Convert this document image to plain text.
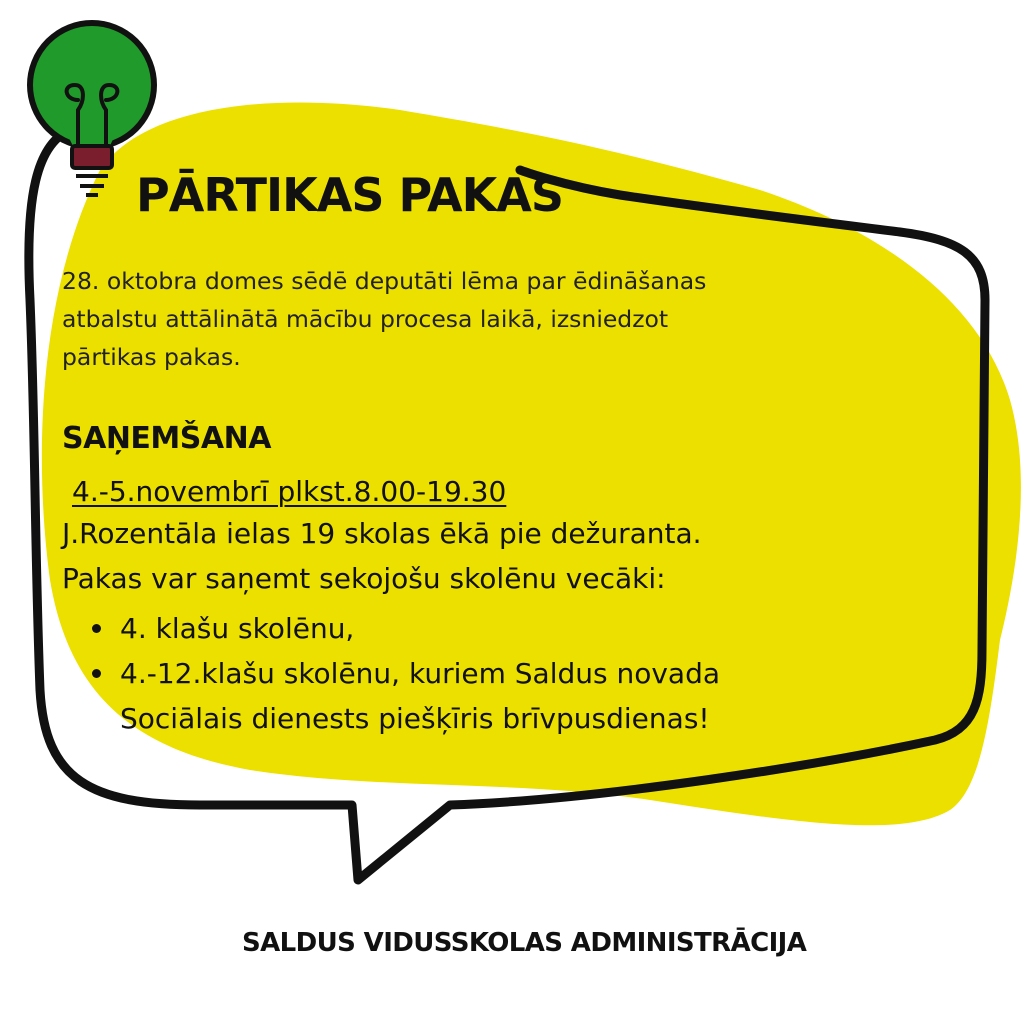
PĀRTIKAS PAKAS

28. oktobra domes sēdē deputāti lēma par ēdināšanas
atbalstu attālinātā mācību procesa laikā, izsniedzot
pārtikas pakas.

SAŅEMŠANA
4.-5.novembrī plkst.8.00-19.30
J.Rozentāla ielas 19 skolas ēkā pie dežuranta.
Pakas var saņemt sekojošu skolēnu vecāki:
4. klašu skolēnu,
4.-12.klašu skolēnu, kuriem Saldus novada
Sociālais dienests piešķīris brīvpusdienas!

SALDUS VIDUSSKOLAS ADMINISTRĀCIJA
